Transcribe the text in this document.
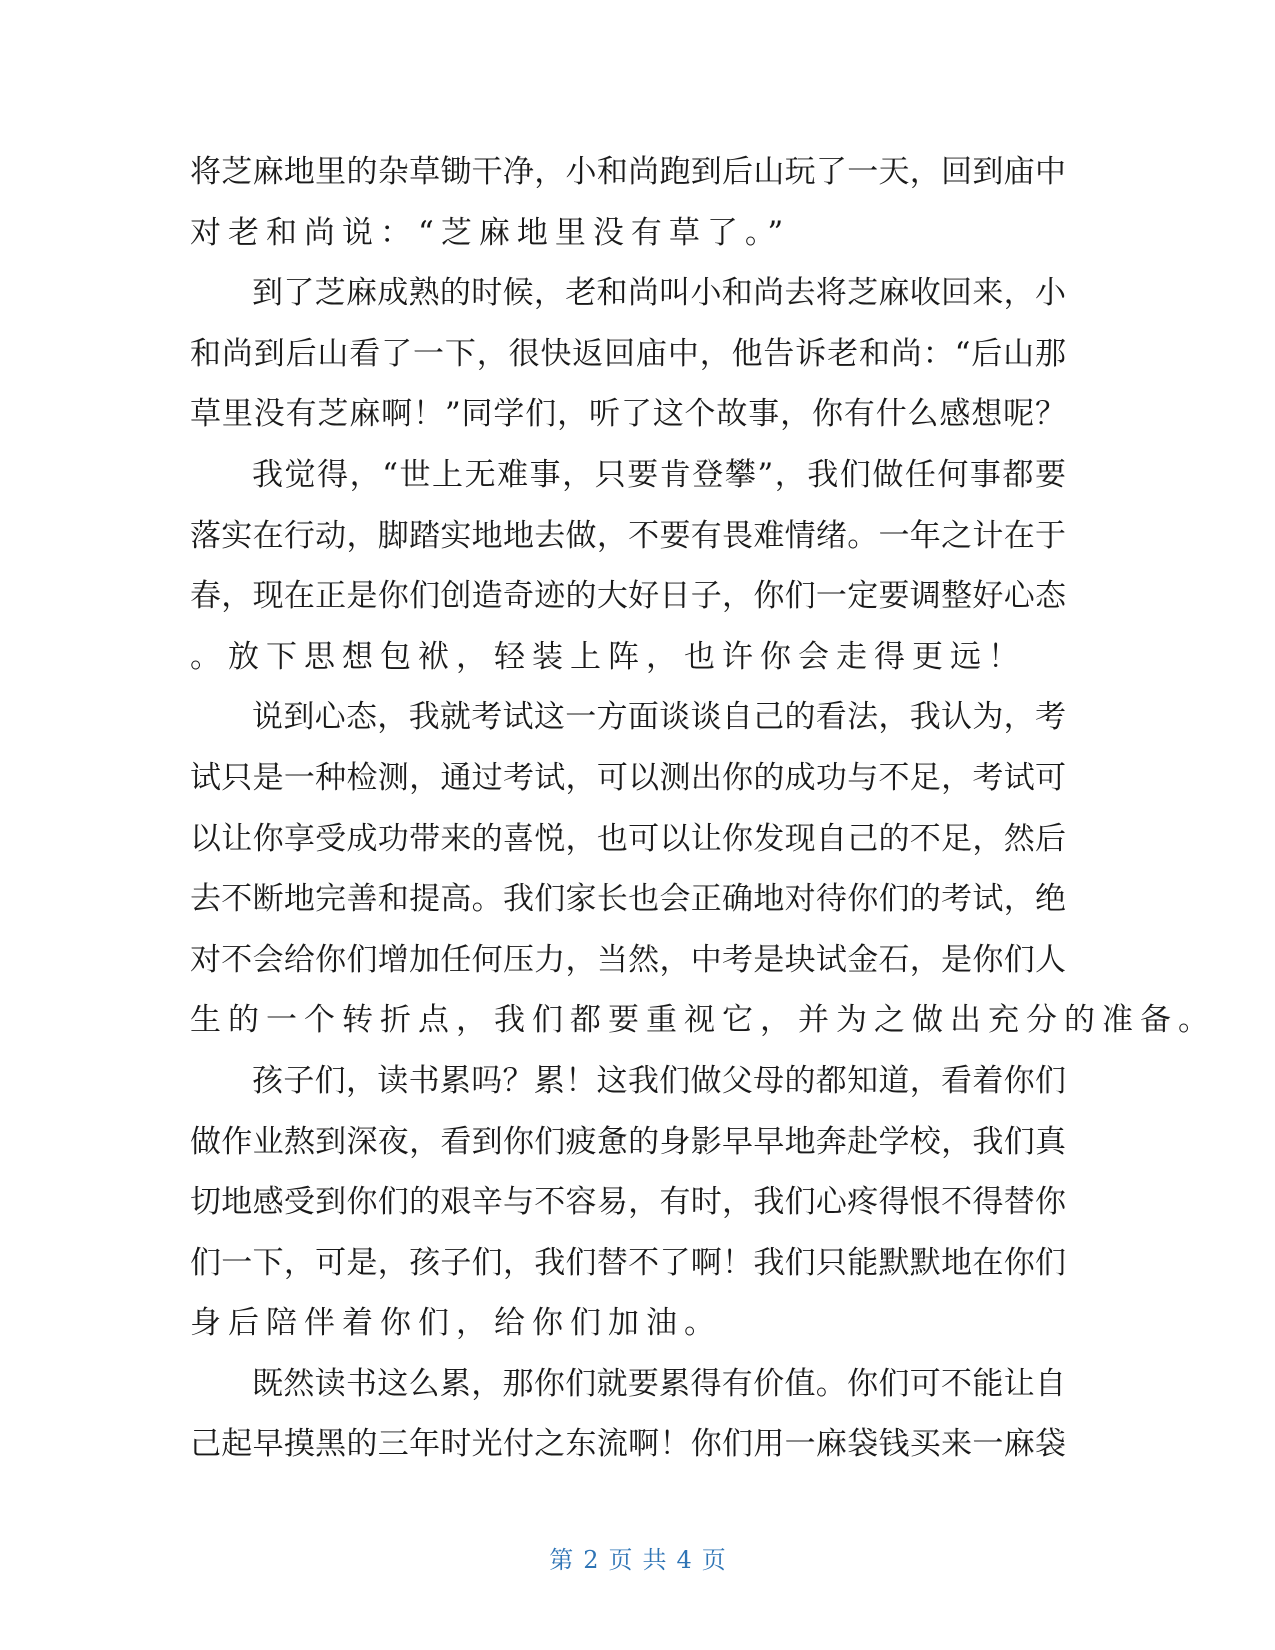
将芝麻地里的杂草锄干净，小和尚跑到后山玩了一天，回到庙中
对老和尚说：“芝麻地里没有草了。”
到了芝麻成熟的时候，老和尚叫小和尚去将芝麻收回来，小
和尚到后山看了一下，很快返回庙中，他告诉老和尚：“后山那
草里没有芝麻啊！”同学们，听了这个故事，你有什么感想呢？
我觉得，“世上无难事，只要肯登攀”，我们做任何事都要
落实在行动，脚踏实地地去做，不要有畏难情绪。一年之计在于
春，现在正是你们创造奇迹的大好日子，你们一定要调整好心态
。放下思想包袱，轻装上阵，也许你会走得更远！
说到心态，我就考试这一方面谈谈自己的看法，我认为，考
试只是一种检测，通过考试，可以测出你的成功与不足，考试可
以让你享受成功带来的喜悦，也可以让你发现自己的不足，然后
去不断地完善和提高。我们家长也会正确地对待你们的考试，绝
对不会给你们增加任何压力，当然，中考是块试金石，是你们人
生的一个转折点，我们都要重视它，并为之做出充分的准备。
孩子们，读书累吗？累！这我们做父母的都知道，看着你们
做作业熬到深夜，看到你们疲惫的身影早早地奔赴学校，我们真
切地感受到你们的艰辛与不容易，有时，我们心疼得恨不得替你
们一下，可是，孩子们，我们替不了啊！我们只能默默地在你们
身后陪伴着你们，给你们加油。
既然读书这么累，那你们就要累得有价值。你们可不能让自
己起早摸黑的三年时光付之东流啊！你们用一麻袋钱买来一麻袋
第 2 页 共 4 页
